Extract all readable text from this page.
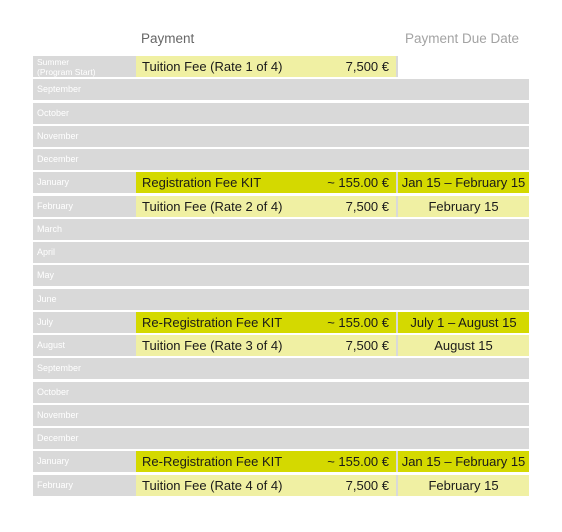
Payment	Payment Due Date
Summer
(Program Start)	Tuition Fee (Rate 1 of 4)	7,500 €
September
October
November
December
January	Registration Fee KIT	~ 155.00 € Jan 15 – February 15
February	Tuition Fee (Rate 2 of 4)	7,500 €	February 15
March
April
May
June
July	Re-Registration Fee KIT	~ 155.00 €	July 1 – August 15
August	Tuition Fee (Rate 3 of 4)	7,500 €	August 15
September
October
November
December
January	Re-Registration Fee KIT	~ 155.00 € Jan 15 – February 15
February	Tuition Fee (Rate 4 of 4)	7,500 €	February 15
